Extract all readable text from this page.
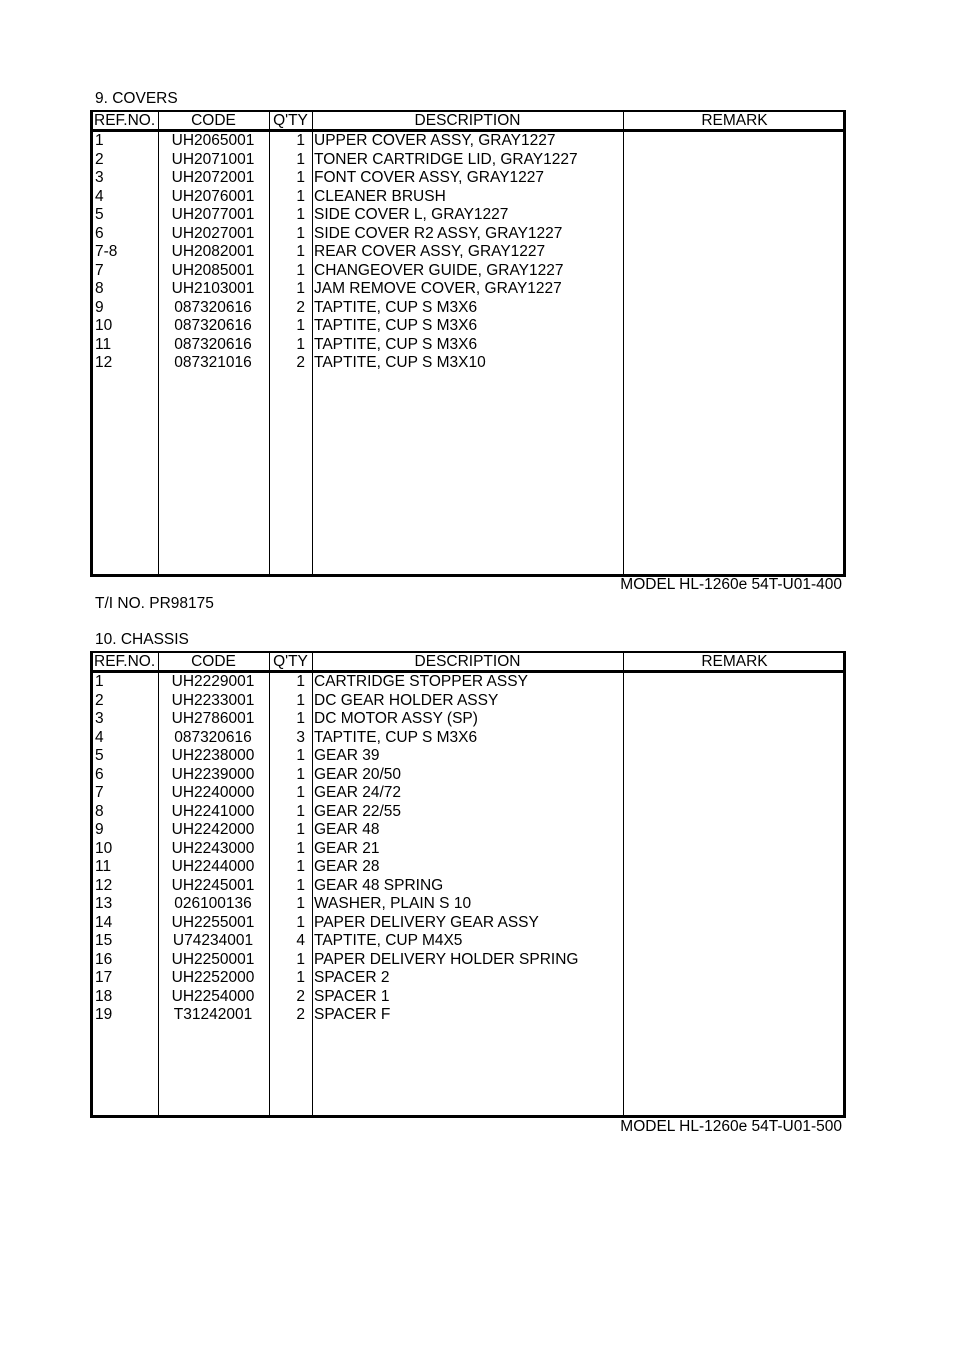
9. COVERS
REF.NO.	CODE	Q'TY	DESCRIPTION	REMARK
1	UH2065001	1 UPPER COVER ASSY, GRAY1227
2	UH2071001	1 TONER CARTRIDGE LID, GRAY1227
3	UH2072001	1 FONT COVER ASSY, GRAY1227
4	UH2076001	1 CLEANER BRUSH
5	UH2077001	1 SIDE COVER L, GRAY1227
6	UH2027001	1 SIDE COVER R2 ASSY, GRAY1227
7-8	UH2082001	1 REAR COVER ASSY, GRAY1227
7	UH2085001	1 CHANGEOVER GUIDE, GRAY1227
8	UH2103001	1 JAM REMOVE COVER, GRAY1227
9	087320616	2 TAPTITE, CUP S M3X6
10	087320616	1 TAPTITE, CUP S M3X6
11	087320616	1 TAPTITE, CUP S M3X6
12	087321016	2 TAPTITE, CUP S M3X10
MODEL HL-1260e 54T-U01-400
T/I NO. PR98175
10. CHASSIS
REF.NO.	CODE	Q'TY	DESCRIPTION	REMARK
1	UH2229001	1 CARTRIDGE STOPPER ASSY
2	UH2233001	1 DC GEAR HOLDER ASSY
3	UH2786001	1 DC MOTOR ASSY (SP)
4	087320616	3 TAPTITE, CUP S M3X6
5	UH2238000	1 GEAR 39
6	UH2239000	1 GEAR 20/50
7	UH2240000	1 GEAR 24/72
8	UH2241000	1 GEAR 22/55
9	UH2242000	1 GEAR 48
10	UH2243000	1 GEAR 21
11	UH2244000	1 GEAR 28
12	UH2245001	1 GEAR 48 SPRING
13	026100136	1 WASHER, PLAIN S 10
14	UH2255001	1 PAPER DELIVERY GEAR ASSY
15	U74234001	4 TAPTITE, CUP M4X5
16	UH2250001	1 PAPER DELIVERY HOLDER SPRING
17	UH2252000	1 SPACER 2
18	UH2254000	2 SPACER 1
19	T31242001	2 SPACER F
MODEL HL-1260e 54T-U01-500
